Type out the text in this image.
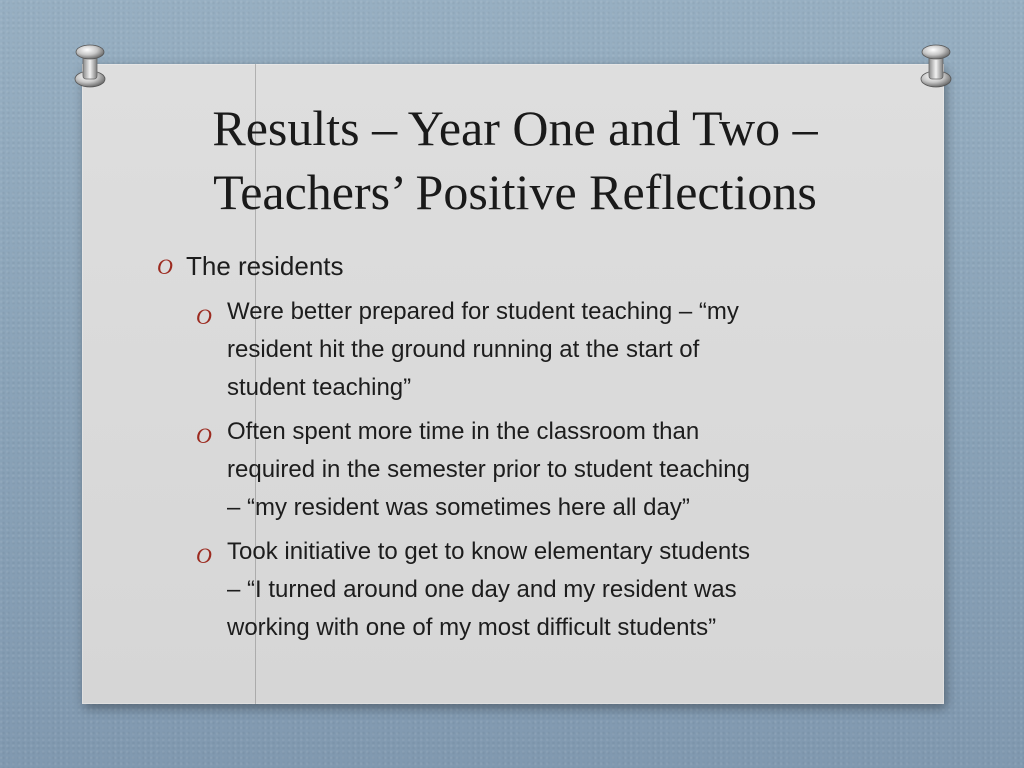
Results – Year One and Two –
Teachers’ Positive Reflections
O The residents
O Were better prepared for student teaching – “my
resident hit the ground running at the start of
student teaching”
O Often spent more time in the classroom than
required in the semester prior to student teaching
– “my resident was sometimes here all day”
O Took initiative to get to know elementary students
– “I turned around one day and my resident was
working with one of my most difficult students”
